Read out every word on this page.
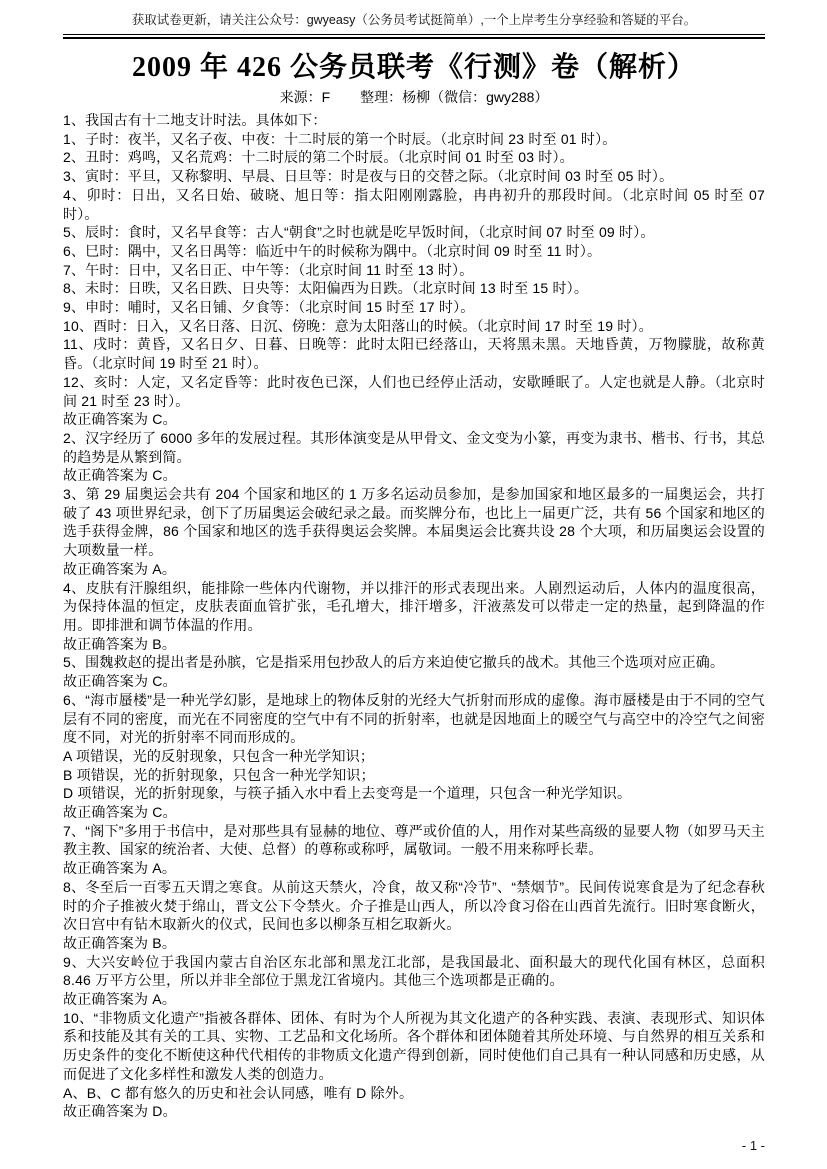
获取试卷更新，请关注公众号：gwyeasy（公务员考试挺简单）,一个上岸考生分享经验和答疑的平台。
2009 年 426 公务员联考《行测》卷（解析）
来源：F 整理：杨柳（微信：gwy288）

1、我国古有十二地支计时法。具体如下：

1、子时：夜半，又名子夜、中夜：十二时辰的第一个时辰。（北京时间 23 时至 01 时）。

2、丑时：鸡鸣，又名荒鸡：十二时辰的第二个时辰。（北京时间 01 时至 03 时）。

3、寅时：平旦，又称黎明、早晨、日旦等：时是夜与日的交替之际。（北京时间 03 时至 05 时）。

4、卯时：日出，又名日始、破晓、旭日等：指太阳刚刚露脸，冉冉初升的那段时间。（北京时间 05 时至 07 时）。

5、辰时：食时，又名早食等：古人“朝食”之时也就是吃早饭时间，（北京时间 07 时至 09 时）。

6、巳时：隅中，又名日禺等：临近中午的时候称为隅中。（北京时间 09 时至 11 时）。

7、午时：日中，又名日正、中午等：（北京时间 11 时至 13 时）。

8、未时：日昳，又名日跌、日央等：太阳偏西为日跌。（北京时间 13 时至 15 时）。

9、申时：哺时，又名日铺、夕食等：（北京时间 15 时至 17 时）。

10、酉时：日入，又名日落、日沉、傍晚：意为太阳落山的时候。（北京时间 17 时至 19 时）。

11、戌时：黄昏，又名日夕、日暮、日晚等：此时太阳已经落山，天将黑未黑。天地昏黄，万物朦胧，故称黄昏。（北京时间 19 时至 21 时）。

12、亥时：人定，又名定昏等：此时夜色已深，人们也已经停止活动，安歇睡眠了。人定也就是人静。（北京时间 21 时至 23 时）。

故正确答案为 C。

2、汉字经历了 6000 多年的发展过程。其形体演变是从甲骨文、金文变为小篆，再变为隶书、楷书、行书，其总的趋势是从繁到简。

故正确答案为 C。

3、第 29 届奥运会共有 204 个国家和地区的 1 万多名运动员参加，是参加国家和地区最多的一届奥运会，共打破了 43 项世界纪录，创下了历届奥运会破纪录之最。而奖牌分布，也比上一届更广泛，共有 56 个国家和地区的选手获得金牌，86 个国家和地区的选手获得奥运会奖牌。本届奥运会比赛共设 28 个大项，和历届奥运会设置的大项数量一样。

故正确答案为 A。

4、皮肤有汗腺组织，能排除一些体内代谢物，并以排汗的形式表现出来。人剧烈运动后，人体内的温度很高，为保持体温的恒定，皮肤表面血管扩张，毛孔增大，排汗增多，汗液蒸发可以带走一定的热量，起到降温的作用。即排泄和调节体温的作用。

故正确答案为 B。

5、围魏救赵的提出者是孙膑，它是指采用包抄敌人的后方来迫使它撤兵的战术。其他三个选项对应正确。

故正确答案为 C。

6、“海市蜃楼”是一种光学幻影，是地球上的物体反射的光经大气折射而形成的虚像。海市蜃楼是由于不同的空气层有不同的密度，而光在不同密度的空气中有不同的折射率，也就是因地面上的暖空气与高空中的冷空气之间密度不同，对光的折射率不同而形成的。

A 项错误，光的反射现象，只包含一种光学知识；

B 项错误，光的折射现象，只包含一种光学知识；

D 项错误，光的折射现象，与筷子插入水中看上去变弯是一个道理，只包含一种光学知识。

故正确答案为 C。

7、“阁下”多用于书信中，是对那些具有显赫的地位、尊严或价值的人，用作对某些高级的显要人物（如罗马天主教主教、国家的统治者、大使、总督）的尊称或称呼，属敬词。一般不用来称呼长辈。

故正确答案为 A。

8、冬至后一百零五天谓之寒食。从前这天禁火，冷食，故又称“冷节”、“禁烟节”。民间传说寒食是为了纪念春秋时的介子推被火焚于绵山，晋文公下令禁火。介子推是山西人，所以冷食习俗在山西首先流行。旧时寒食断火，次日宫中有钻木取新火的仪式，民间也多以柳条互相乞取新火。

故正确答案为 B。

9、大兴安岭位于我国内蒙古自治区东北部和黑龙江北部，是我国最北、面积最大的现代化国有林区，总面积 8.46 万平方公里，所以并非全部位于黑龙江省境内。其他三个选项都是正确的。

故正确答案为 A。

10、“非物质文化遗产”指被各群体、团体、有时为个人所视为其文化遗产的各种实践、表演、表现形式、知识体系和技能及其有关的工具、实物、工艺品和文化场所。各个群体和团体随着其所处环境、与自然界的相互关系和历史条件的变化不断使这种代代相传的非物质文化遗产得到创新，同时使他们自己具有一种认同感和历史感，从而促进了文化多样性和激发人类的创造力。

A、B、C 都有悠久的历史和社会认同感，唯有 D 除外。

故正确答案为 D。

- 1 -
